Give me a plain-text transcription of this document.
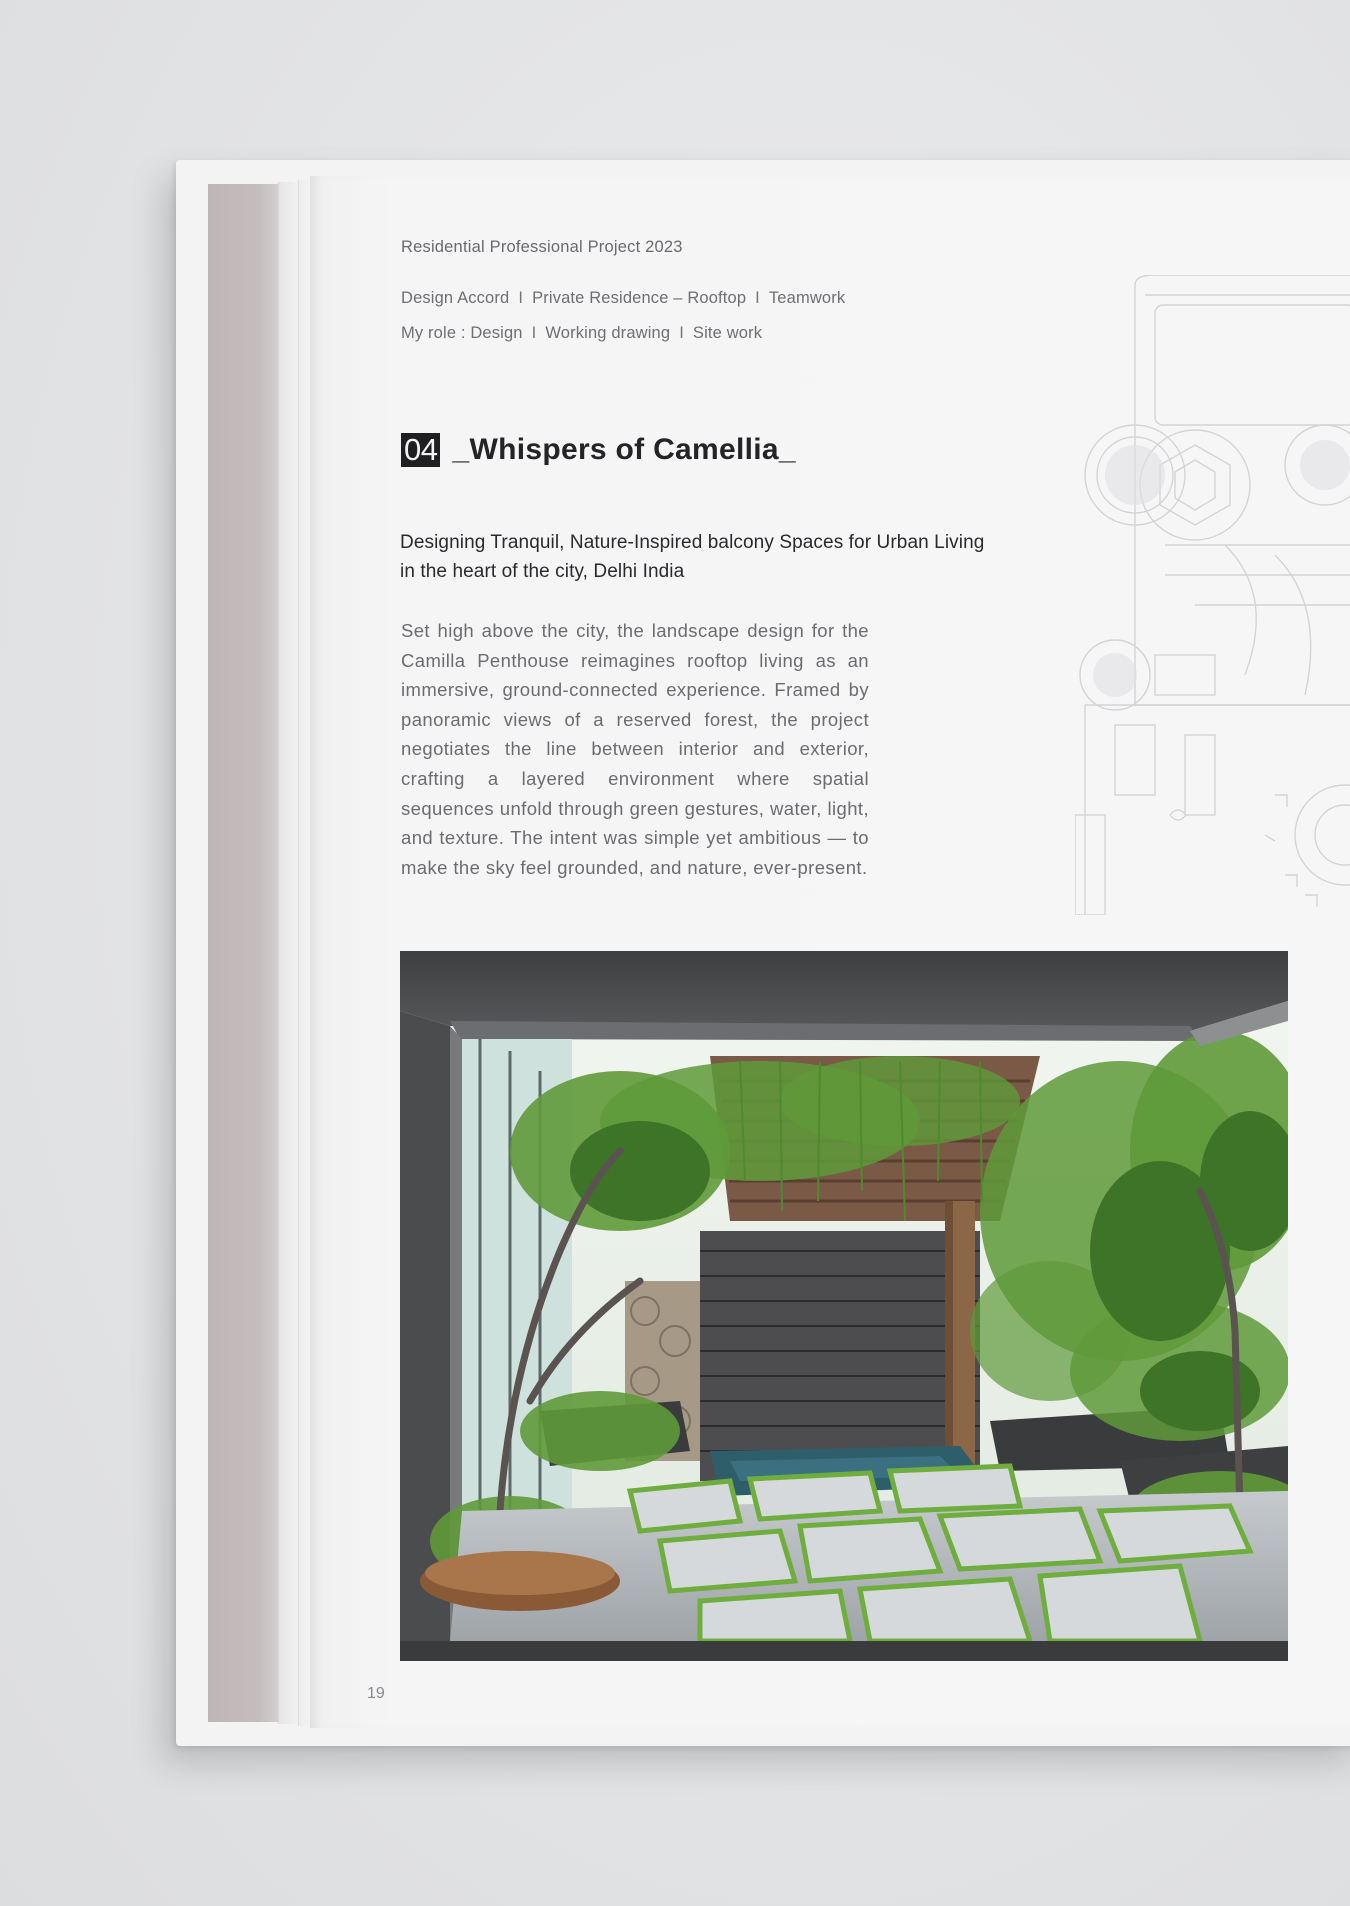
Residential Professional Project 2023
Design Accord I Private Residence – Rooftop I Teamwork
My role : Design I Working drawing I Site work
04 _Whispers of Camellia_
Designing Tranquil, Nature-Inspired balcony Spaces for Urban Living
in the heart of the city, Delhi India
Set high above the city, the landscape design for the Camilla Penthouse reimagines rooftop living as an immersive, ground-connected experience. Framed by panoramic views of a reserved forest, the project negotiates the line between interior and exterior, crafting a layered environment where spatial sequences unfold through green gestures, water, light, and texture. The intent was simple yet ambitious — to make the sky feel grounded, and nature, ever-present.
19
